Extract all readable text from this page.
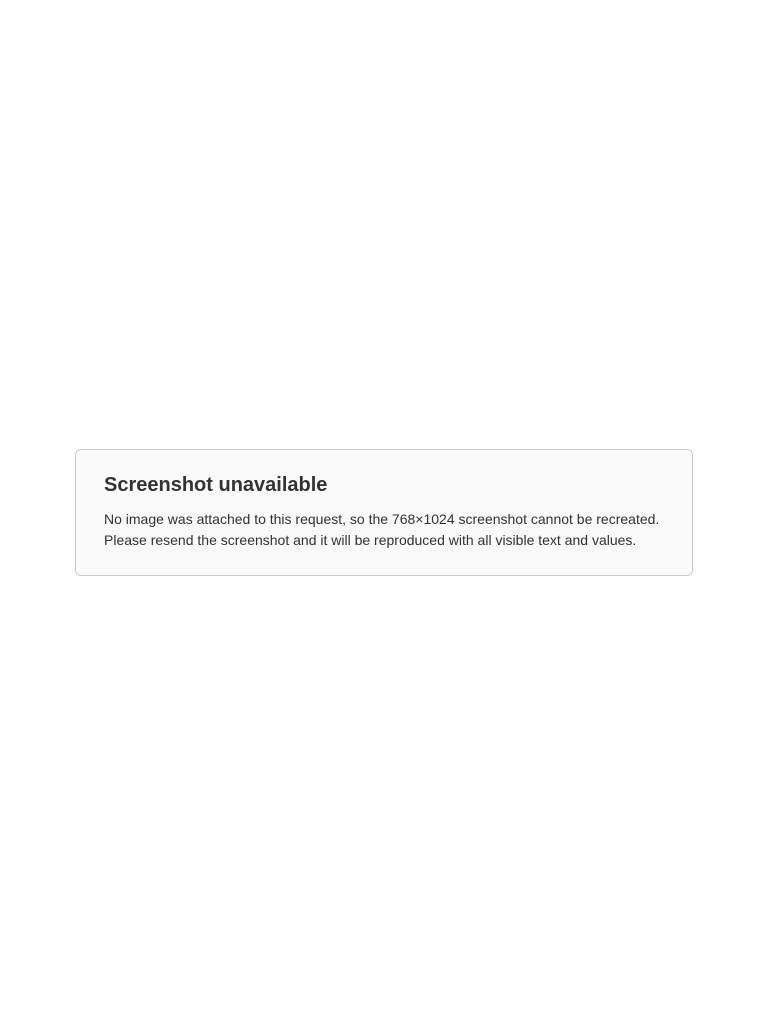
Screenshot unavailable

No image was attached to this request, so the 768×1024 screenshot cannot be recreated. Please resend the screenshot and it will be reproduced with all visible text and values.
